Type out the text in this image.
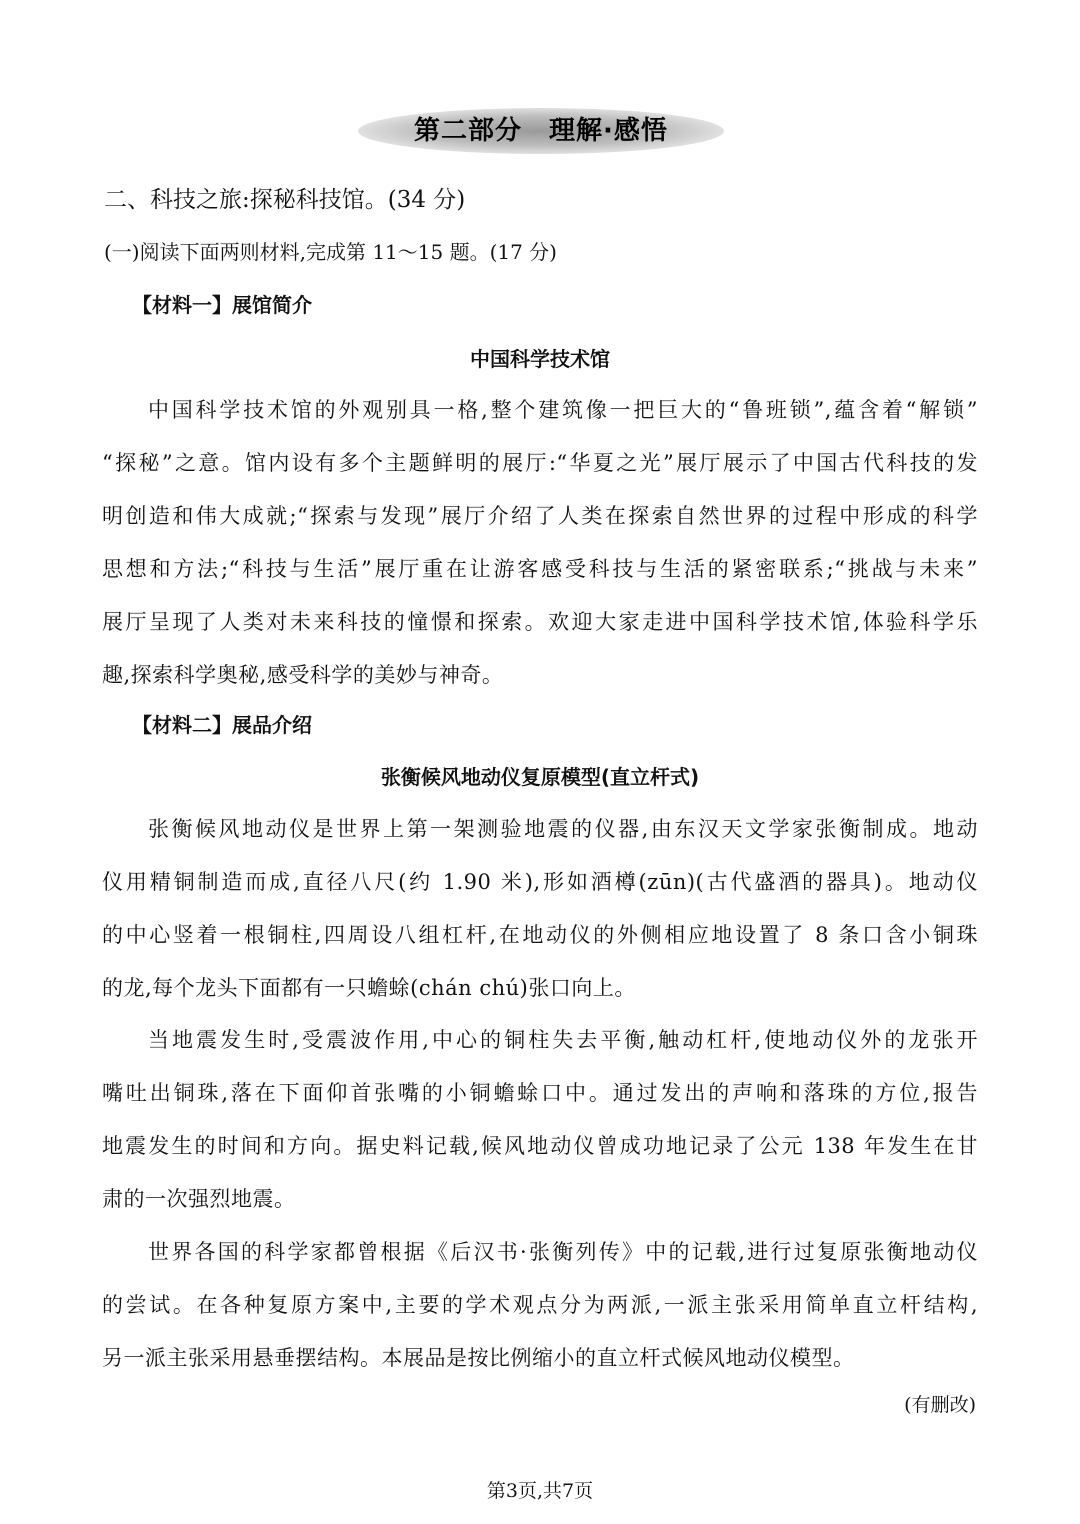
第二部分　理解·感悟
二、科技之旅:探秘科技馆。(34 分)
(一)阅读下面两则材料,完成第 11～15 题。(17 分)
【材料一】展馆简介
中国科学技术馆
中国科学技术馆的外观别具一格,整个建筑像一把巨大的“鲁班锁”,蕴含着“解锁”
“探秘”之意。馆内设有多个主题鲜明的展厅:“华夏之光”展厅展示了中国古代科技的发
明创造和伟大成就;“探索与发现”展厅介绍了人类在探索自然世界的过程中形成的科学
思想和方法;“科技与生活”展厅重在让游客感受科技与生活的紧密联系;“挑战与未来”
展厅呈现了人类对未来科技的憧憬和探索。欢迎大家走进中国科学技术馆,体验科学乐
趣,探索科学奥秘,感受科学的美妙与神奇。
【材料二】展品介绍
张衡候风地动仪复原模型(直立杆式)
张衡候风地动仪是世界上第一架测验地震的仪器,由东汉天文学家张衡制成。地动
仪用精铜制造而成,直径八尺(约 1.90 米),形如酒樽(zūn)(古代盛酒的器具)。地动仪
的中心竖着一根铜柱,四周设八组杠杆,在地动仪的外侧相应地设置了 8 条口含小铜珠
的龙,每个龙头下面都有一只蟾蜍(chán chú)张口向上。
当地震发生时,受震波作用,中心的铜柱失去平衡,触动杠杆,使地动仪外的龙张开
嘴吐出铜珠,落在下面仰首张嘴的小铜蟾蜍口中。通过发出的声响和落珠的方位,报告
地震发生的时间和方向。据史料记载,候风地动仪曾成功地记录了公元 138 年发生在甘
肃的一次强烈地震。
世界各国的科学家都曾根据《后汉书·张衡列传》中的记载,进行过复原张衡地动仪
的尝试。在各种复原方案中,主要的学术观点分为两派,一派主张采用简单直立杆结构,
另一派主张采用悬垂摆结构。本展品是按比例缩小的直立杆式候风地动仪模型。
(有删改)
第3页,共7页
